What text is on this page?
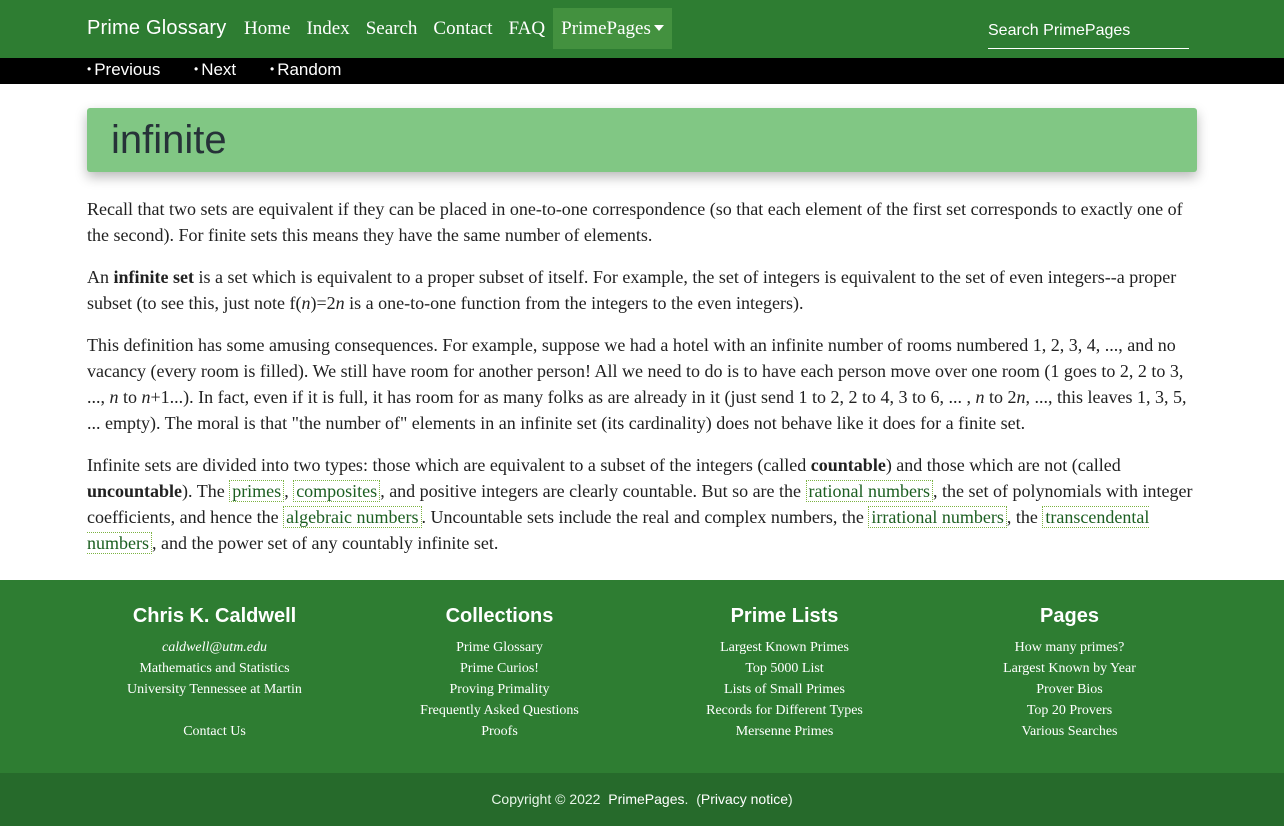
Prime Glossary Home Index Search Contact FAQ PrimePages
Search PrimePages
• Previous	• Next	• Random
infinite

Recall that two sets are equivalent if they can be placed in one-to-one correspondence (so that each element of the first set corresponds to exactly one of the second). For finite sets this means they have the same number of elements.

An infinite set is a set which is equivalent to a proper subset of itself. For example, the set of integers is equivalent to the set of even integers--a proper subset (to see this, just note f(n)=2n is a one-to-one function from the integers to the even integers).

This definition has some amusing consequences. For example, suppose we had a hotel with an infinite number of rooms numbered 1, 2, 3, 4, ..., and no vacancy (every room is filled). We still have room for another person! All we need to do is to have each person move over one room (1 goes to 2, 2 to 3, ..., n to n+1...). In fact, even if it is full, it has room for as many folks as are already in it (just send 1 to 2, 2 to 4, 3 to 6, ... , n to 2n, ..., this leaves 1, 3, 5, ... empty). The moral is that "the number of" elements in an infinite set (its cardinality) does not behave like it does for a finite set.

Infinite sets are divided into two types: those which are equivalent to a subset of the integers (called countable) and those which are not (called uncountable). The primes , composites , and positive integers are clearly countable. But so are the rational numbers , the set of polynomials with integer coefficients, and hence the algebraic numbers . Uncountable sets include the real and complex numbers, the irrational numbers , the transcendental numbers , and the power set of any countably infinite set.

Chris K. Caldwell
caldwell@utm.edu
Mathematics and Statistics
University Tennessee at Martin
Contact Us
Collections
Prime Glossary
Prime Curios!
Proving Primality
Frequently Asked Questions
Proofs
Prime Lists
Largest Known Primes
Top 5000 List
Lists of Small Primes
Records for Different Types
Mersenne Primes
Pages
How many primes?
Largest Known by Year
Prover Bios
Top 20 Provers
Various Searches
Copyright © 2022 PrimePages. (Privacy notice)
